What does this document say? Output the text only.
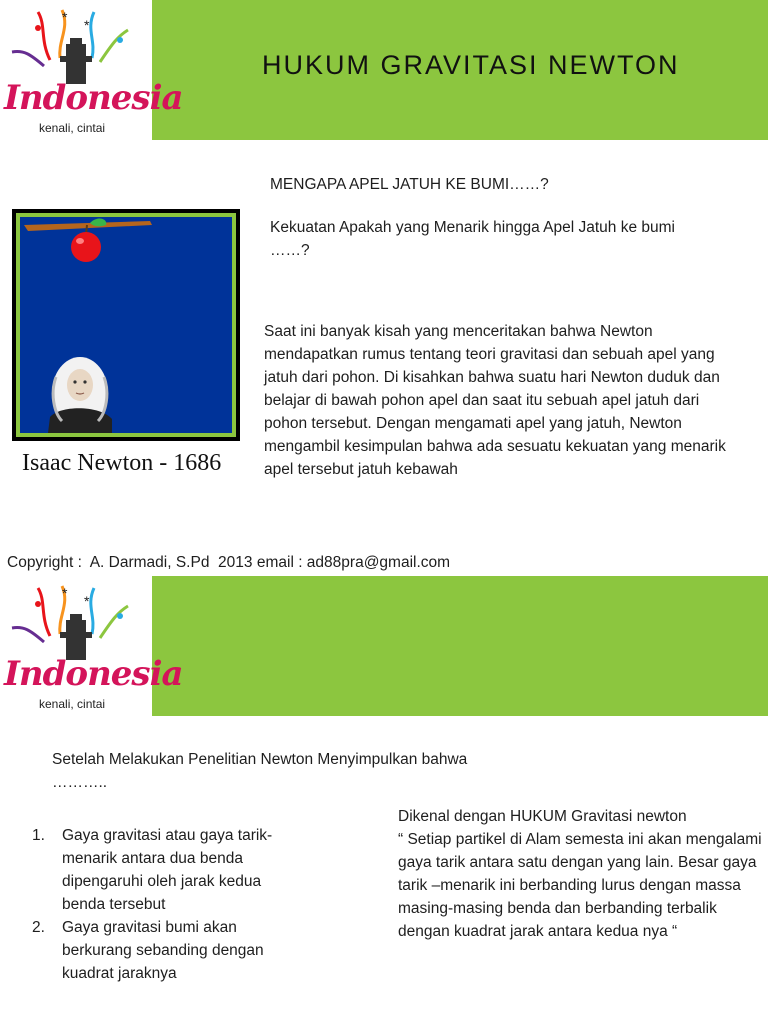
* *
Indonesia
kenali, cintai
HUKUM GRAVITASI NEWTON
MENGAPA APEL JATUH KE BUMI……?
Kekuatan Apakah yang Menarik hingga Apel Jatuh ke bumi ……?
Isaac Newton - 1686
Saat ini banyak kisah yang menceritakan bahwa Newton mendapatkan rumus tentang teori gravitasi dan sebuah apel yang jatuh dari pohon. Di kisahkan bahwa suatu hari Newton duduk dan belajar di bawah pohon apel dan saat itu sebuah apel jatuh dari pohon tersebut. Dengan mengamati apel yang jatuh, Newton mengambil kesimpulan bahwa ada sesuatu kekuatan yang menarik apel tersebut jatuh kebawah
Copyright :  A. Darmadi, S.Pd  2013 email : ad88pra@gmail.com
* *
Indonesia
kenali, cintai
Setelah Melakukan Penelitian Newton Menyimpulkan bahwa ………..
1. Gaya gravitasi atau gaya tarik-menarik antara dua benda dipengaruhi oleh jarak kedua benda tersebut
2. Gaya gravitasi bumi akan berkurang sebanding dengan kuadrat jaraknya
Dikenal dengan HUKUM Gravitasi newton
“ Setiap partikel di Alam semesta ini akan mengalami gaya tarik antara satu dengan yang lain. Besar gaya tarik –menarik ini berbanding lurus dengan massa masing-masing benda dan berbanding terbalik dengan kuadrat jarak antara kedua nya “
